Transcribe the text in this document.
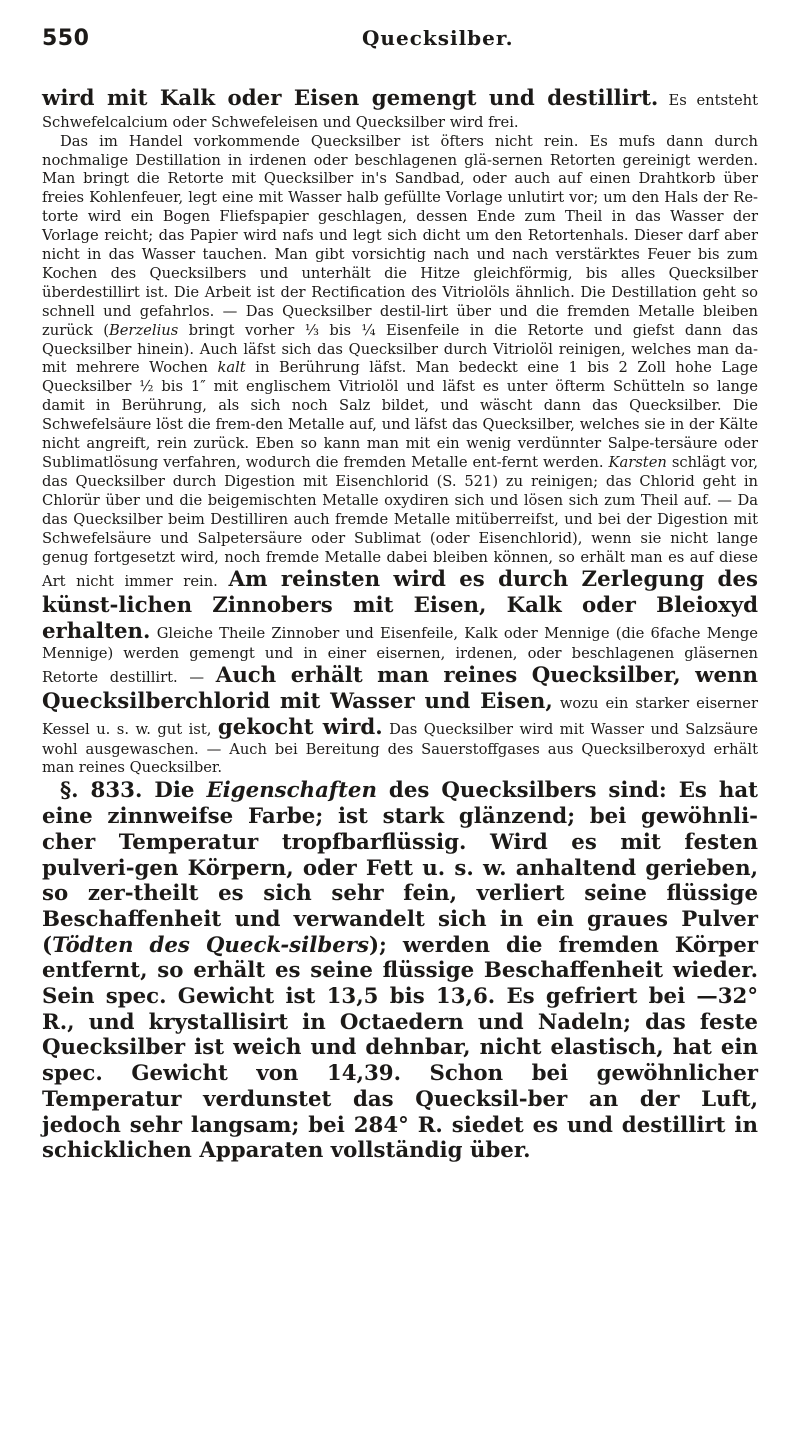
550	Quecksilber.

wird mit Kalk oder Eisen gemengt und destillirt. Es entsteht Schwefelcalcium oder Schwefeleisen und Quecksilber wird frei.

Das im Handel vorkommende Quecksilber ist öfters nicht rein. Es mufs dann durch nochmalige Destillation in irdenen oder beschlagenen glä-sernen Retorten gereinigt werden. Man bringt die Retorte mit Quecksilber in's Sandbad, oder auch auf einen Drahtkorb über freies Kohlenfeuer, legt eine mit Wasser halb gefüllte Vorlage unlutirt vor; um den Hals der Re-torte wird ein Bogen Fliefspapier geschlagen, dessen Ende zum Theil in das Wasser der Vorlage reicht; das Papier wird nafs und legt sich dicht um den Retortenhals. Dieser darf aber nicht in das Wasser tauchen. Man gibt vorsichtig nach und nach verstärktes Feuer bis zum Kochen des Quecksilbers und unterhält die Hitze gleichförmig, bis alles Quecksilber überdestillirt ist. Die Arbeit ist der Rectification des Vitriolöls ähnlich. Die Destillation geht so schnell und gefahrlos. — Das Quecksilber destil-lirt über und die fremden Metalle bleiben zurück (Berzelius bringt vorher ⅓ bis ¼ Eisenfeile in die Retorte und giefst dann das Quecksilber hinein). Auch läfst sich das Quecksilber durch Vitriolöl reinigen, welches man da-mit mehrere Wochen kalt in Berührung läfst. Man bedeckt eine 1 bis 2 Zoll hohe Lage Quecksilber ½ bis 1″ mit englischem Vitriolöl und läfst es unter öfterm Schütteln so lange damit in Berührung, als sich noch Salz bildet, und wäscht dann das Quecksilber. Die Schwefelsäure löst die frem-den Metalle auf, und läfst das Quecksilber, welches sie in der Kälte nicht angreift, rein zurück. Eben so kann man mit ein wenig verdünnter Salpe-tersäure oder Sublimatlösung verfahren, wodurch die fremden Metalle ent-fernt werden. Karsten schlägt vor, das Quecksilber durch Digestion mit Eisenchlorid (S. 521) zu reinigen; das Chlorid geht in Chlorür über und die beigemischten Metalle oxydiren sich und lösen sich zum Theil auf. — Da das Quecksilber beim Destilliren auch fremde Metalle mitüberreifst, und bei der Digestion mit Schwefelsäure und Salpetersäure oder Sublimat (oder Eisenchlorid), wenn sie nicht lange genug fortgesetzt wird, noch fremde Metalle dabei bleiben können, so erhält man es auf diese Art nicht immer rein. Am reinsten wird es durch Zerlegung des künst-lichen Zinnobers mit Eisen, Kalk oder Bleioxyd erhalten. Gleiche Theile Zinnober und Eisenfeile, Kalk oder Mennige (die 6fache Menge Mennige) werden gemengt und in einer eisernen, irdenen, oder beschlagenen gläsernen Retorte destillirt. — Auch erhält man reines Quecksilber, wenn Quecksilberchlorid mit Wasser und Eisen, wozu ein starker eiserner Kessel u. s. w. gut ist, gekocht wird. Das Quecksilber wird mit Wasser und Salzsäure wohl ausgewaschen. — Auch bei Bereitung des Sauerstoffgases aus Quecksilberoxyd erhält man reines Quecksilber.

§. 833. Die Eigenschaften des Quecksilbers sind: Es hat eine zinnweifse Farbe; ist stark glänzend; bei gewöhnli-cher Temperatur tropfbarflüssig. Wird es mit festen pulveri-gen Körpern, oder Fett u. s. w. anhaltend gerieben, so zer-theilt es sich sehr fein, verliert seine flüssige Beschaffenheit und verwandelt sich in ein graues Pulver (Tödten des Queck-silbers); werden die fremden Körper entfernt, so erhält es seine flüssige Beschaffenheit wieder. Sein spec. Gewicht ist 13,5 bis 13,6. Es gefriert bei —32° R., und krystallisirt in Octaedern und Nadeln; das feste Quecksilber ist weich und dehnbar, nicht elastisch, hat ein spec. Gewicht von 14,39. Schon bei gewöhnlicher Temperatur verdunstet das Quecksil-ber an der Luft, jedoch sehr langsam; bei 284° R. siedet es und destillirt in schicklichen Apparaten vollständig über.
